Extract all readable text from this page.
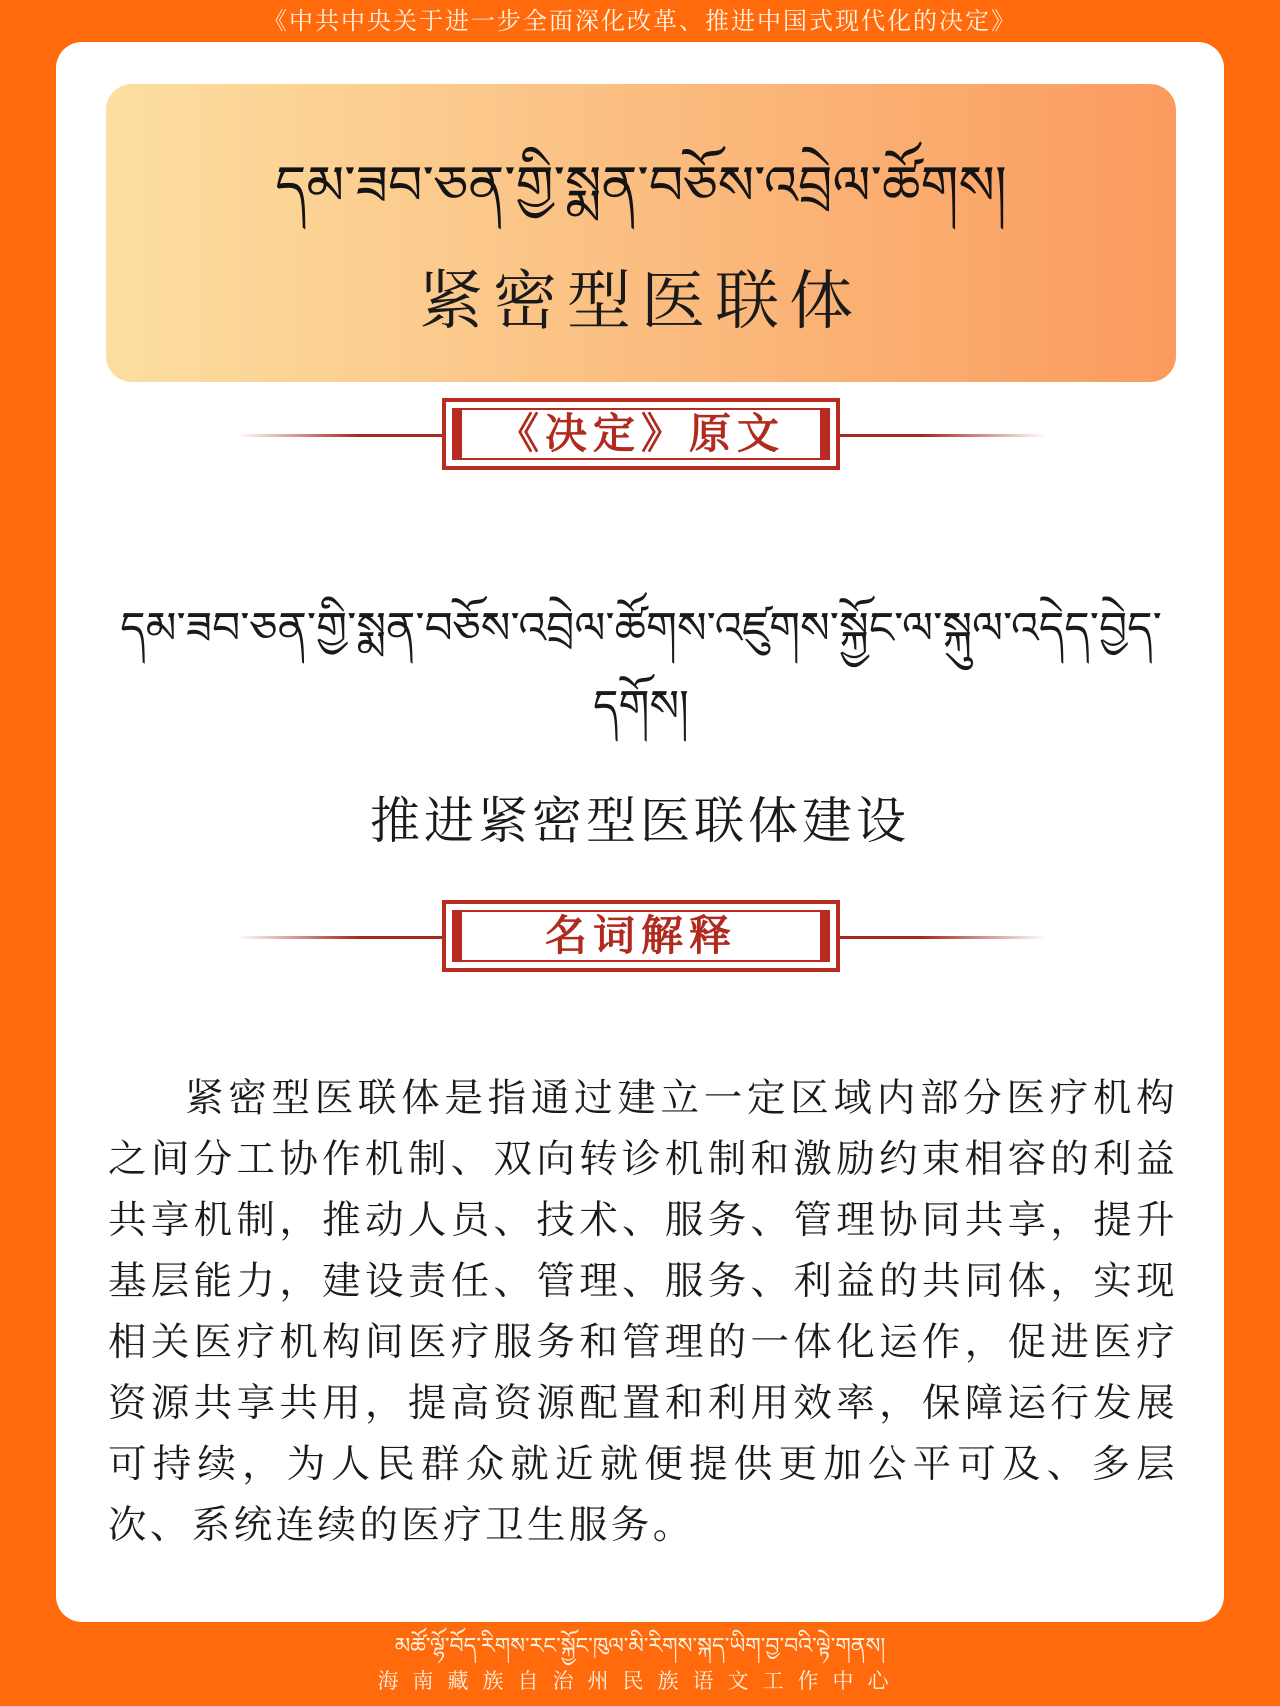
《中共中央关于进一步全面深化改革、推进中国式现代化的决定》
དམ་ཟབ་ཅན་གྱི་སྨན་བཅོས་འབྲེལ་ཚོགས།
紧密型医联体
《决定》原文
དམ་ཟབ་ཅན་གྱི་སྨན་བཅོས་འབྲེལ་ཚོགས་འཛུགས་སྐྱོང་ལ་སྐུལ་འདེད་བྱེད་དགོས།
推进紧密型医联体建设
名词解释

紧密型医联体是指通过建立一定区域内部分医疗机构之间分工协作机制、双向转诊机制和激励约束相容的利益共享机制，推动人员、技术、服务、管理协同共享，提升基层能力，建设责任、管理、服务、利益的共同体，实现相关医疗机构间医疗服务和管理的一体化运作，促进医疗资源共享共用，提高资源配置和利用效率，保障运行发展可持续，为人民群众就近就便提供更加公平可及、多层次、系统连续的医疗卫生服务。

མཚོ་ལྷོ་བོད་རིགས་རང་སྐྱོང་ཁུལ་མི་རིགས་སྐད་ཡིག་བྱ་བའི་ལྟེ་གནས།
海南藏族自治州民族语文工作中心
